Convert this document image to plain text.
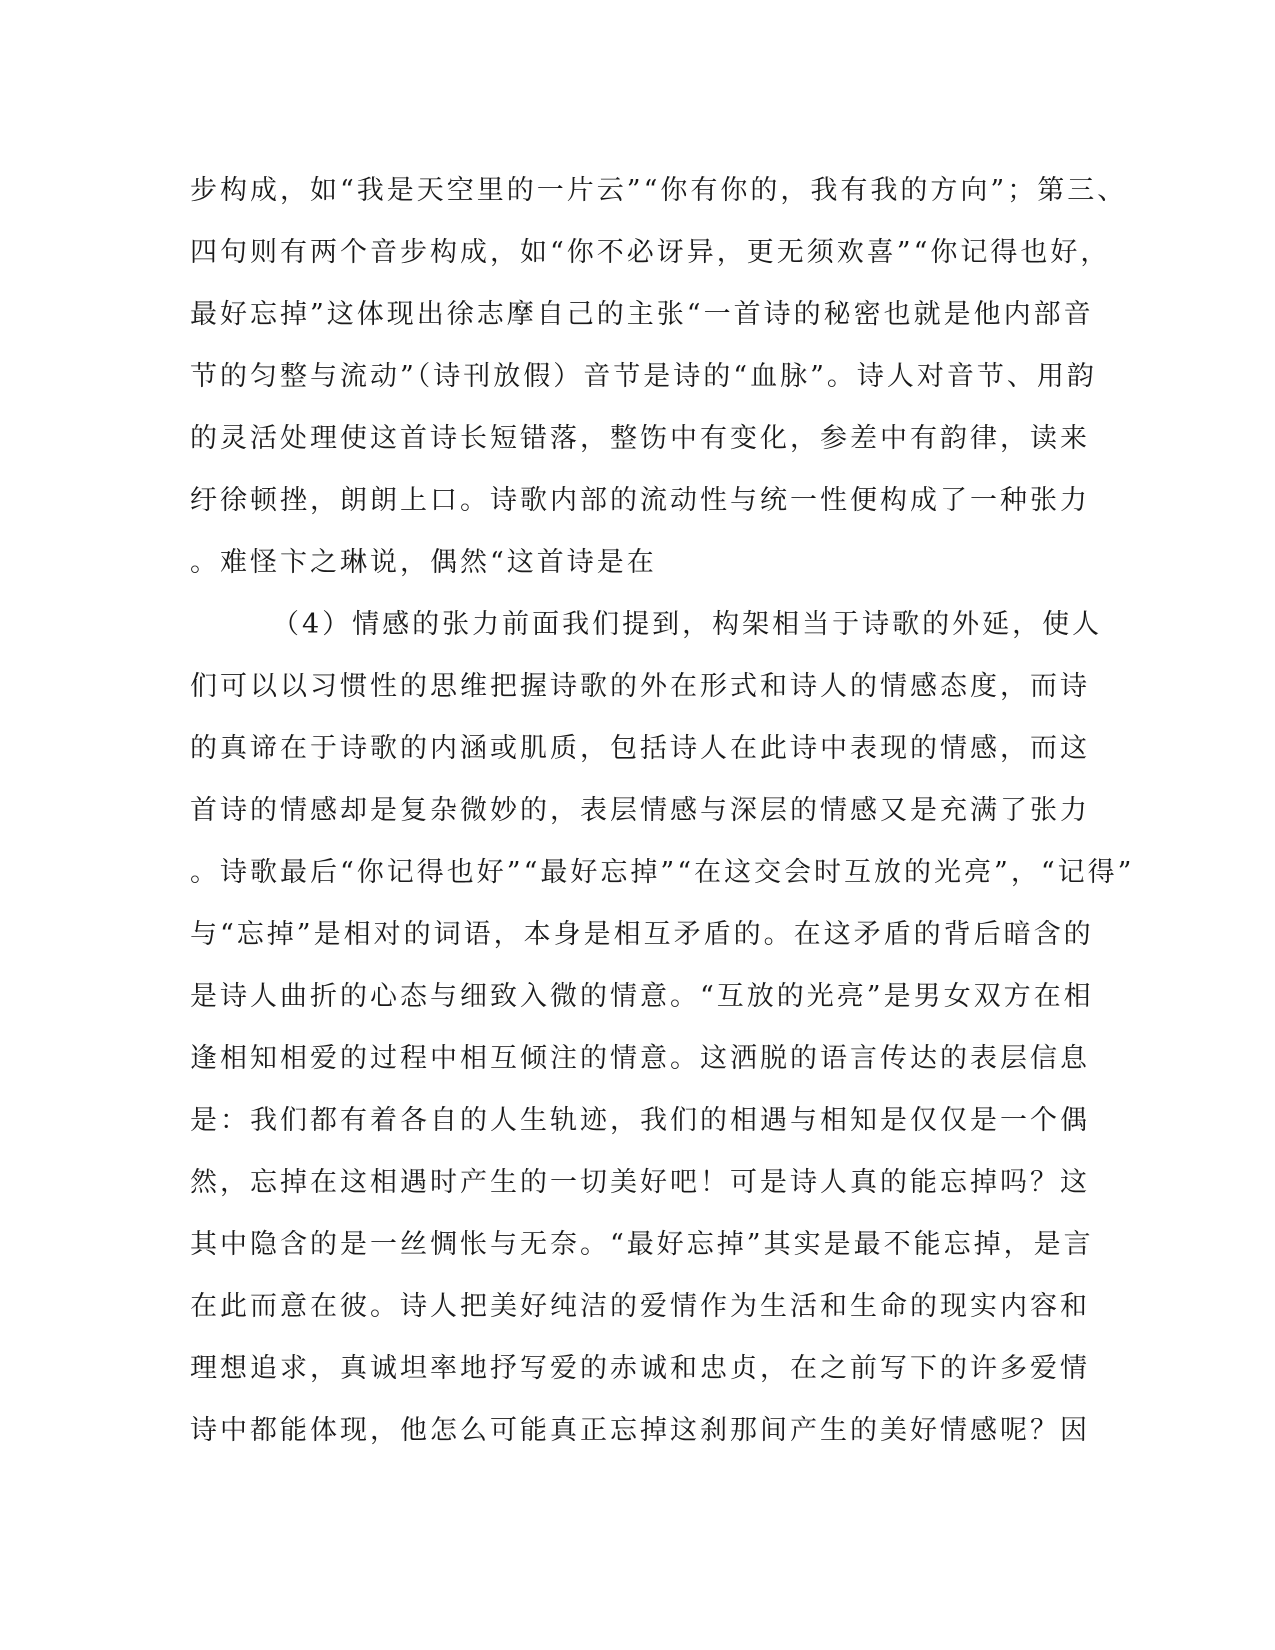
步构成，如“我是天空里的一片云”“你有你的，我有我的方向”；第三、
四句则有两个音步构成，如“你不必讶异，更无须欢喜”“你记得也好，
最好忘掉”这体现出徐志摩自己的主张“一首诗的秘密也就是他内部音
节的匀整与流动”（诗刊放假）音节是诗的“血脉”。诗人对音节、用韵
的灵活处理使这首诗长短错落，整饬中有变化，参差中有韵律，读来
纡徐顿挫，朗朗上口。诗歌内部的流动性与统一性便构成了一种张力
。难怪卞之琳说，偶然“这首诗是在
（4）情感的张力前面我们提到，构架相当于诗歌的外延，使人
们可以以习惯性的思维把握诗歌的外在形式和诗人的情感态度，而诗
的真谛在于诗歌的内涵或肌质，包括诗人在此诗中表现的情感，而这
首诗的情感却是复杂微妙的，表层情感与深层的情感又是充满了张力
。诗歌最后“你记得也好”“最好忘掉”“在这交会时互放的光亮”，“记得”
与“忘掉”是相对的词语，本身是相互矛盾的。在这矛盾的背后暗含的
是诗人曲折的心态与细致入微的情意。“互放的光亮”是男女双方在相
逢相知相爱的过程中相互倾注的情意。这洒脱的语言传达的表层信息
是：我们都有着各自的人生轨迹，我们的相遇与相知是仅仅是一个偶
然，忘掉在这相遇时产生的一切美好吧！可是诗人真的能忘掉吗？这
其中隐含的是一丝惆怅与无奈。“最好忘掉”其实是最不能忘掉，是言
在此而意在彼。诗人把美好纯洁的爱情作为生活和生命的现实内容和
理想追求，真诚坦率地抒写爱的赤诚和忠贞，在之前写下的许多爱情
诗中都能体现，他怎么可能真正忘掉这刹那间产生的美好情感呢？因
